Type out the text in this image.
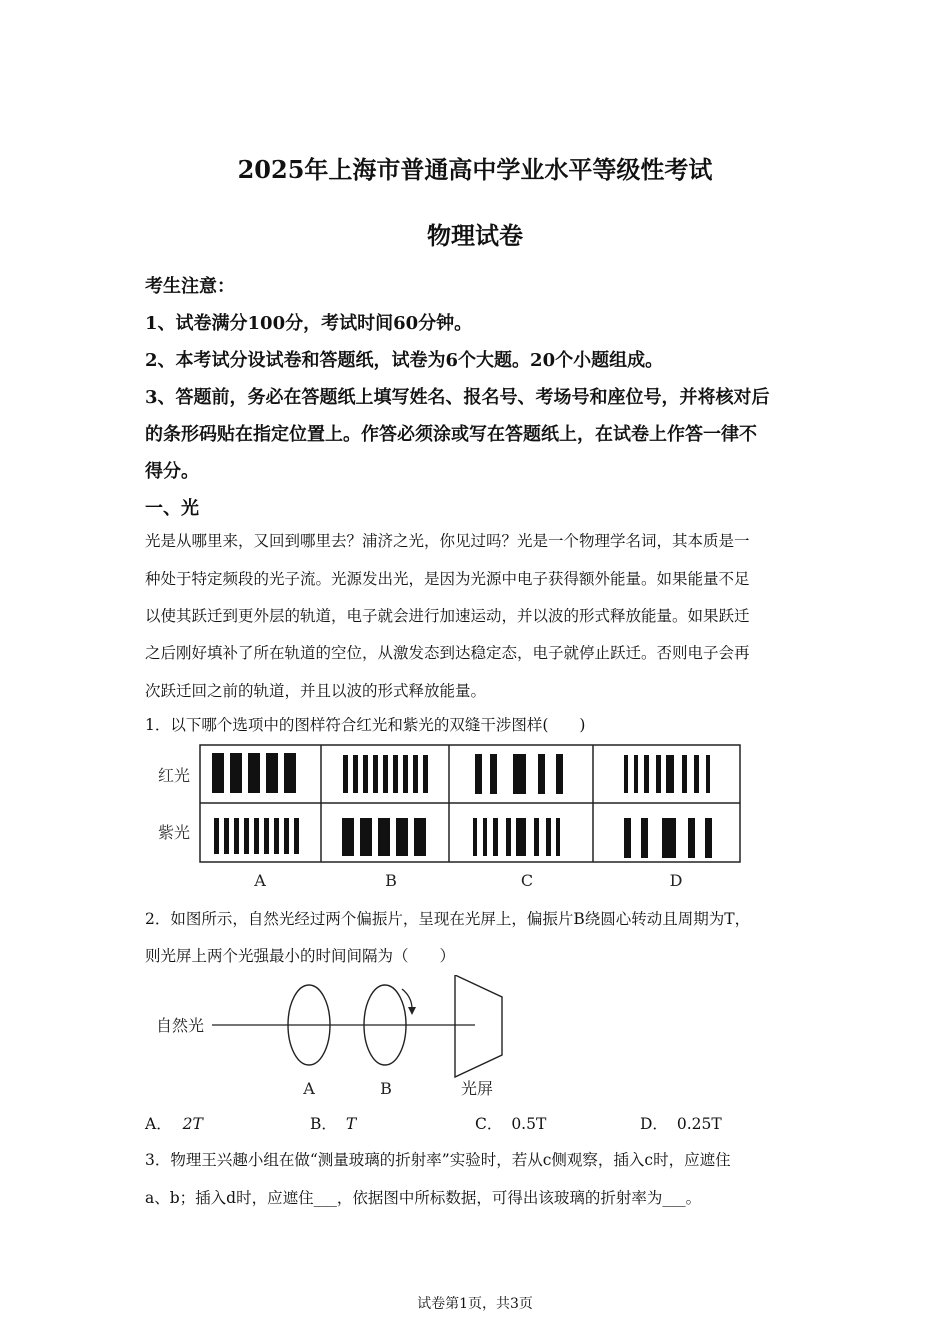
2025年上海市普通高中学业水平等级性考试
物理试卷
考生注意：
1、试卷满分100分，考试时间60分钟。
2、本考试分设试卷和答题纸，试卷为6个大题。20个小题组成。
3、答题前，务必在答题纸上填写姓名、报名号、考场号和座位号，并将核对后
的条形码贴在指定位置上。作答必须涂或写在答题纸上，在试卷上作答一律不
得分。
一、光
光是从哪里来，又回到哪里去？浦济之光，你见过吗？光是一个物理学名词，其本质是一
种处于特定频段的光子流。光源发出光，是因为光源中电子获得额外能量。如果能量不足
以使其跃迁到更外层的轨道，电子就会进行加速运动，并以波的形式释放能量。如果跃迁
之后刚好填补了所在轨道的空位，从激发态到达稳定态，电子就停止跃迁。否则电子会再
次跃迁回之前的轨道，并且以波的形式释放能量。
1．以下哪个选项中的图样符合红光和紫光的双缝干涉图样(　　)
红光
紫光
A	B	C	D
2．如图所示，自然光经过两个偏振片，呈现在光屏上，偏振片B绕圆心转动且周期为T，
则光屏上两个光强最小的时间间隔为（　　）
自然光
A	B	光屏
A． 2T	B． T	C． 0.5T	D． 0.25T
3．物理王兴趣小组在做“测量玻璃的折射率”实验时，若从c侧观察，插入c时，应遮住
a、b；插入d时，应遮住___，依据图中所标数据，可得出该玻璃的折射率为___。
试卷第1页，共3页
